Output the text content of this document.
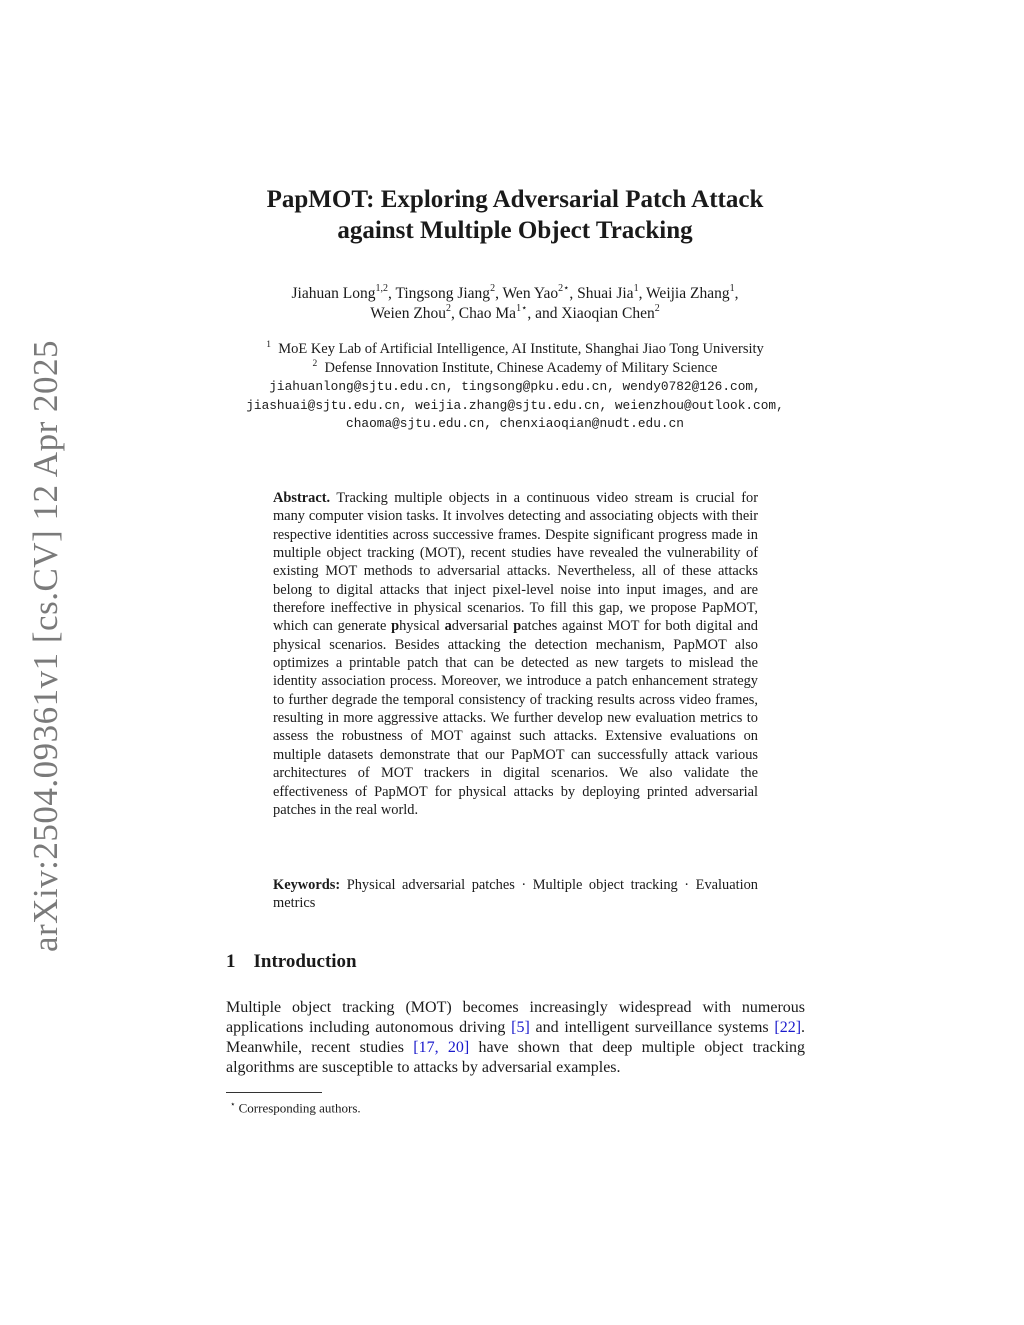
arXiv:2504.09361v1 [cs.CV] 12 Apr 2025
PapMOT: Exploring Adversarial Patch Attack
against Multiple Object Tracking
Jiahuan Long$^{1,2}$, Tingsong Jiang$^2$, Wen Yao$^{2⋆}$, Shuai Jia$^1$, Weijia Zhang$^1$,
Weien Zhou$^2$, Chao $Ma^{1⋆}$, and Xiaoqian Chen$^2$
$^1$ MoE Key Lab of Artificial Intelligence, AI Institute, Shanghai Jiao Tong University
$^2$ Defense Innovation Institute, Chinese Academy of Military Science
jiahuanlong@sjtu.edu.cn, tingsong@pku.edu.cn, wendy0782@126.com,
jiashuai@sjtu.edu.cn, weijia.zhang@sjtu.edu.cn, weienzhou@outlook.com,
chaoma@sjtu.edu.cn, chenxiaoqian@nudt.edu.cn
Abstract. Tracking multiple objects in a continuous video stream is crucial for many computer vision tasks. It involves detecting and associating objects with their respective identities across successive frames. Despite significant progress made in multiple object tracking (MOT), recent studies have revealed the vulnerability of existing MOT methods to adversarial attacks. Nevertheless, all of these attacks belong to digital attacks that inject pixel-level noise into input images, and are therefore ineffective in physical scenarios. To fill this gap, we propose PapMOT, which can generate physical adversarial patches against MOT for both digital and physical scenarios. Besides attacking the detection mechanism, PapMOT also optimizes a printable patch that can be detected as new targets to mislead the identity association process. Moreover, we introduce a patch enhancement strategy to further degrade the temporal consistency of tracking results across video frames, resulting in more aggressive attacks. We further develop new evaluation metrics to assess the robustness of MOT against such attacks. Extensive evaluations on multiple datasets demonstrate that our PapMOT can successfully attack various architectures of MOT trackers in digital scenarios. We also validate the effectiveness of PapMOT for physical attacks by deploying printed adversarial patches in the real world.
Keywords: Physical adversarial patches · Multiple object tracking · Evaluation metrics
1 Introduction
Multiple object tracking (MOT) becomes increasingly widespread with numerous applications including autonomous driving [5] and intelligent surveillance systems [22]. Meanwhile, recent studies [17, 20] have shown that deep multiple object tracking algorithms are susceptible to attacks by adversarial examples.
⋆ Corresponding authors.
